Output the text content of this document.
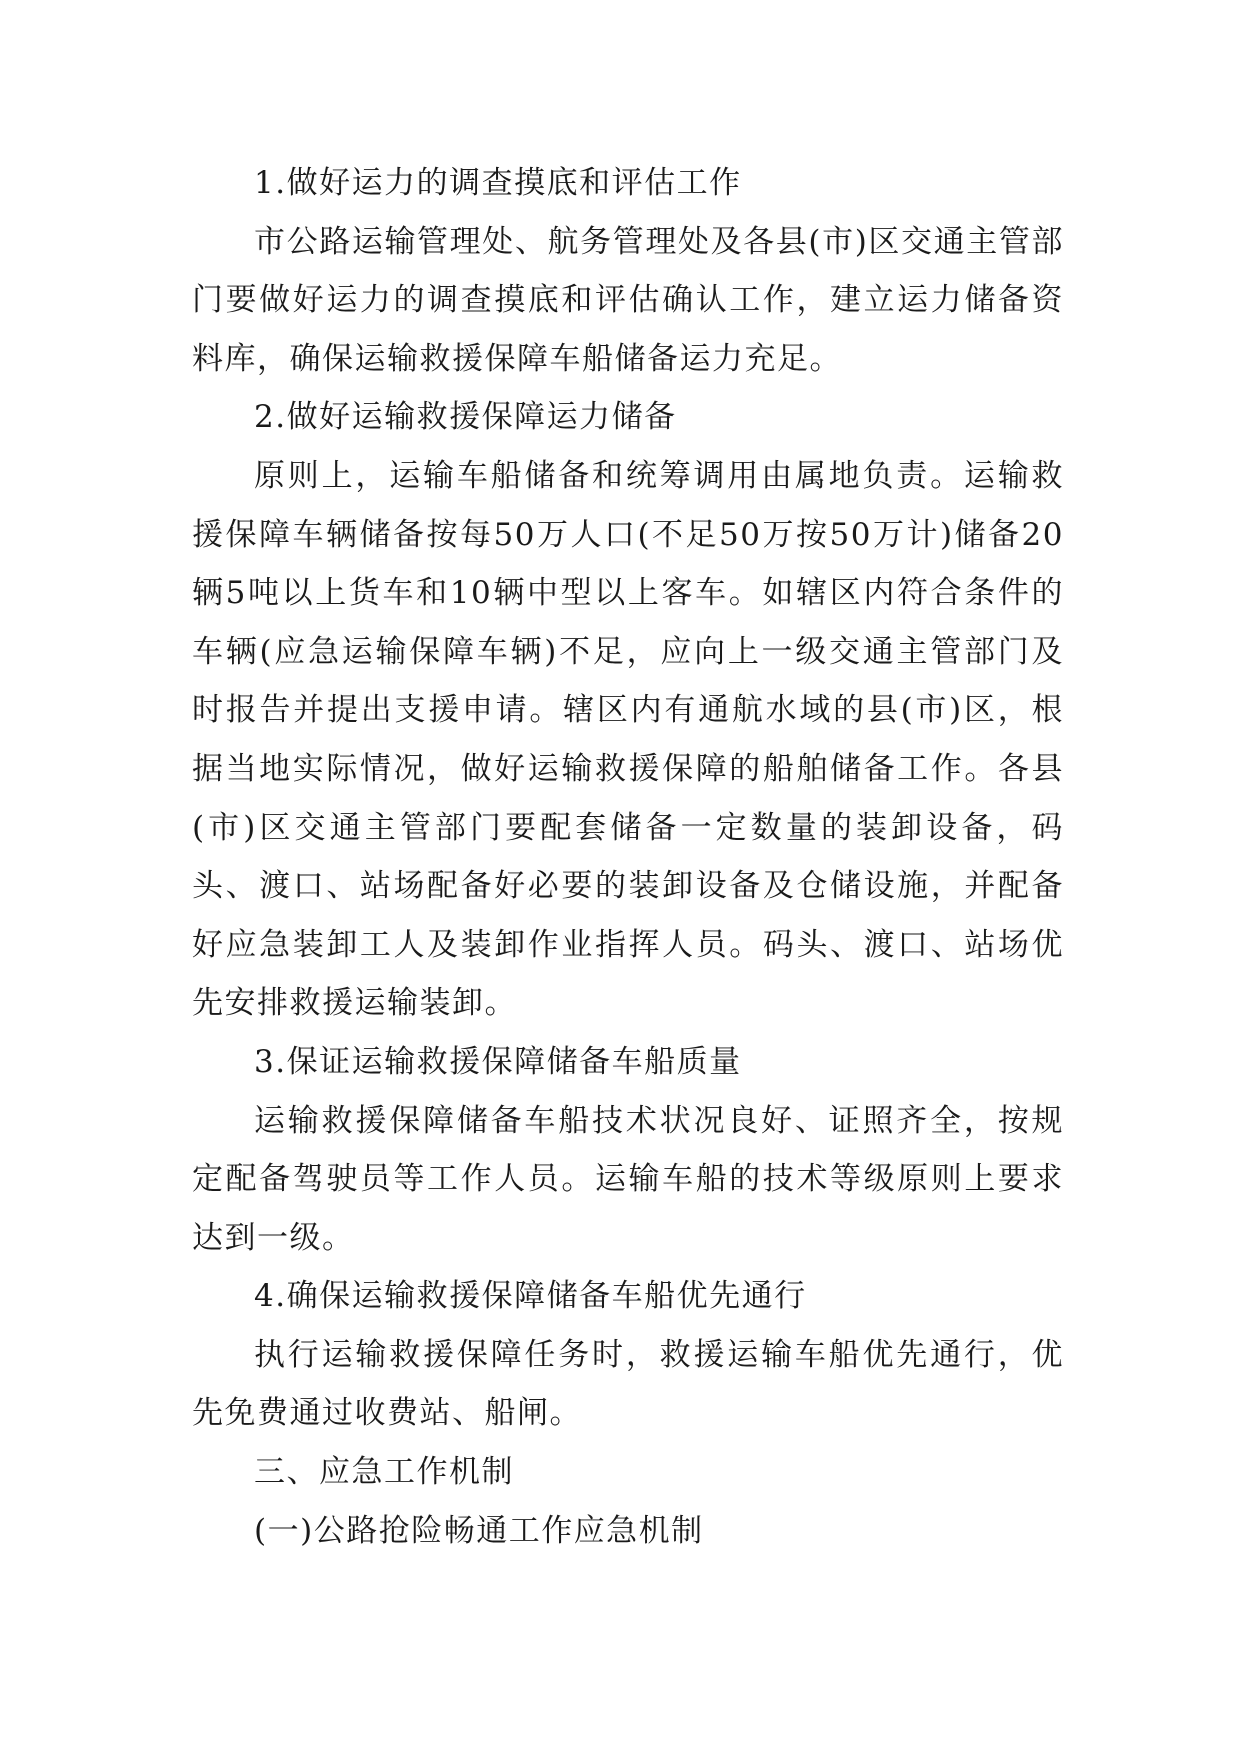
1.做好运力的调查摸底和评估工作

市公路运输管理处、航务管理处及各县(市)区交通主管部门要做好运力的调查摸底和评估确认工作，建立运力储备资料库，确保运输救援保障车船储备运力充足。

2.做好运输救援保障运力储备

原则上，运输车船储备和统筹调用由属地负责。运输救援保障车辆储备按每50万人口(不足50万按50万计)储备20辆5吨以上货车和10辆中型以上客车。如辖区内符合条件的车辆(应急运输保障车辆)不足，应向上一级交通主管部门及时报告并提出支援申请。辖区内有通航水域的县(市)区，根据当地实际情况，做好运输救援保障的船舶储备工作。各县(市)区交通主管部门要配套储备一定数量的装卸设备，码头、渡口、站场配备好必要的装卸设备及仓储设施，并配备好应急装卸工人及装卸作业指挥人员。码头、渡口、站场优先安排救援运输装卸。

3.保证运输救援保障储备车船质量

运输救援保障储备车船技术状况良好、证照齐全，按规定配备驾驶员等工作人员。运输车船的技术等级原则上要求达到一级。

4.确保运输救援保障储备车船优先通行

执行运输救援保障任务时，救援运输车船优先通行，优先免费通过收费站、船闸。

三、应急工作机制

(一)公路抢险畅通工作应急机制
